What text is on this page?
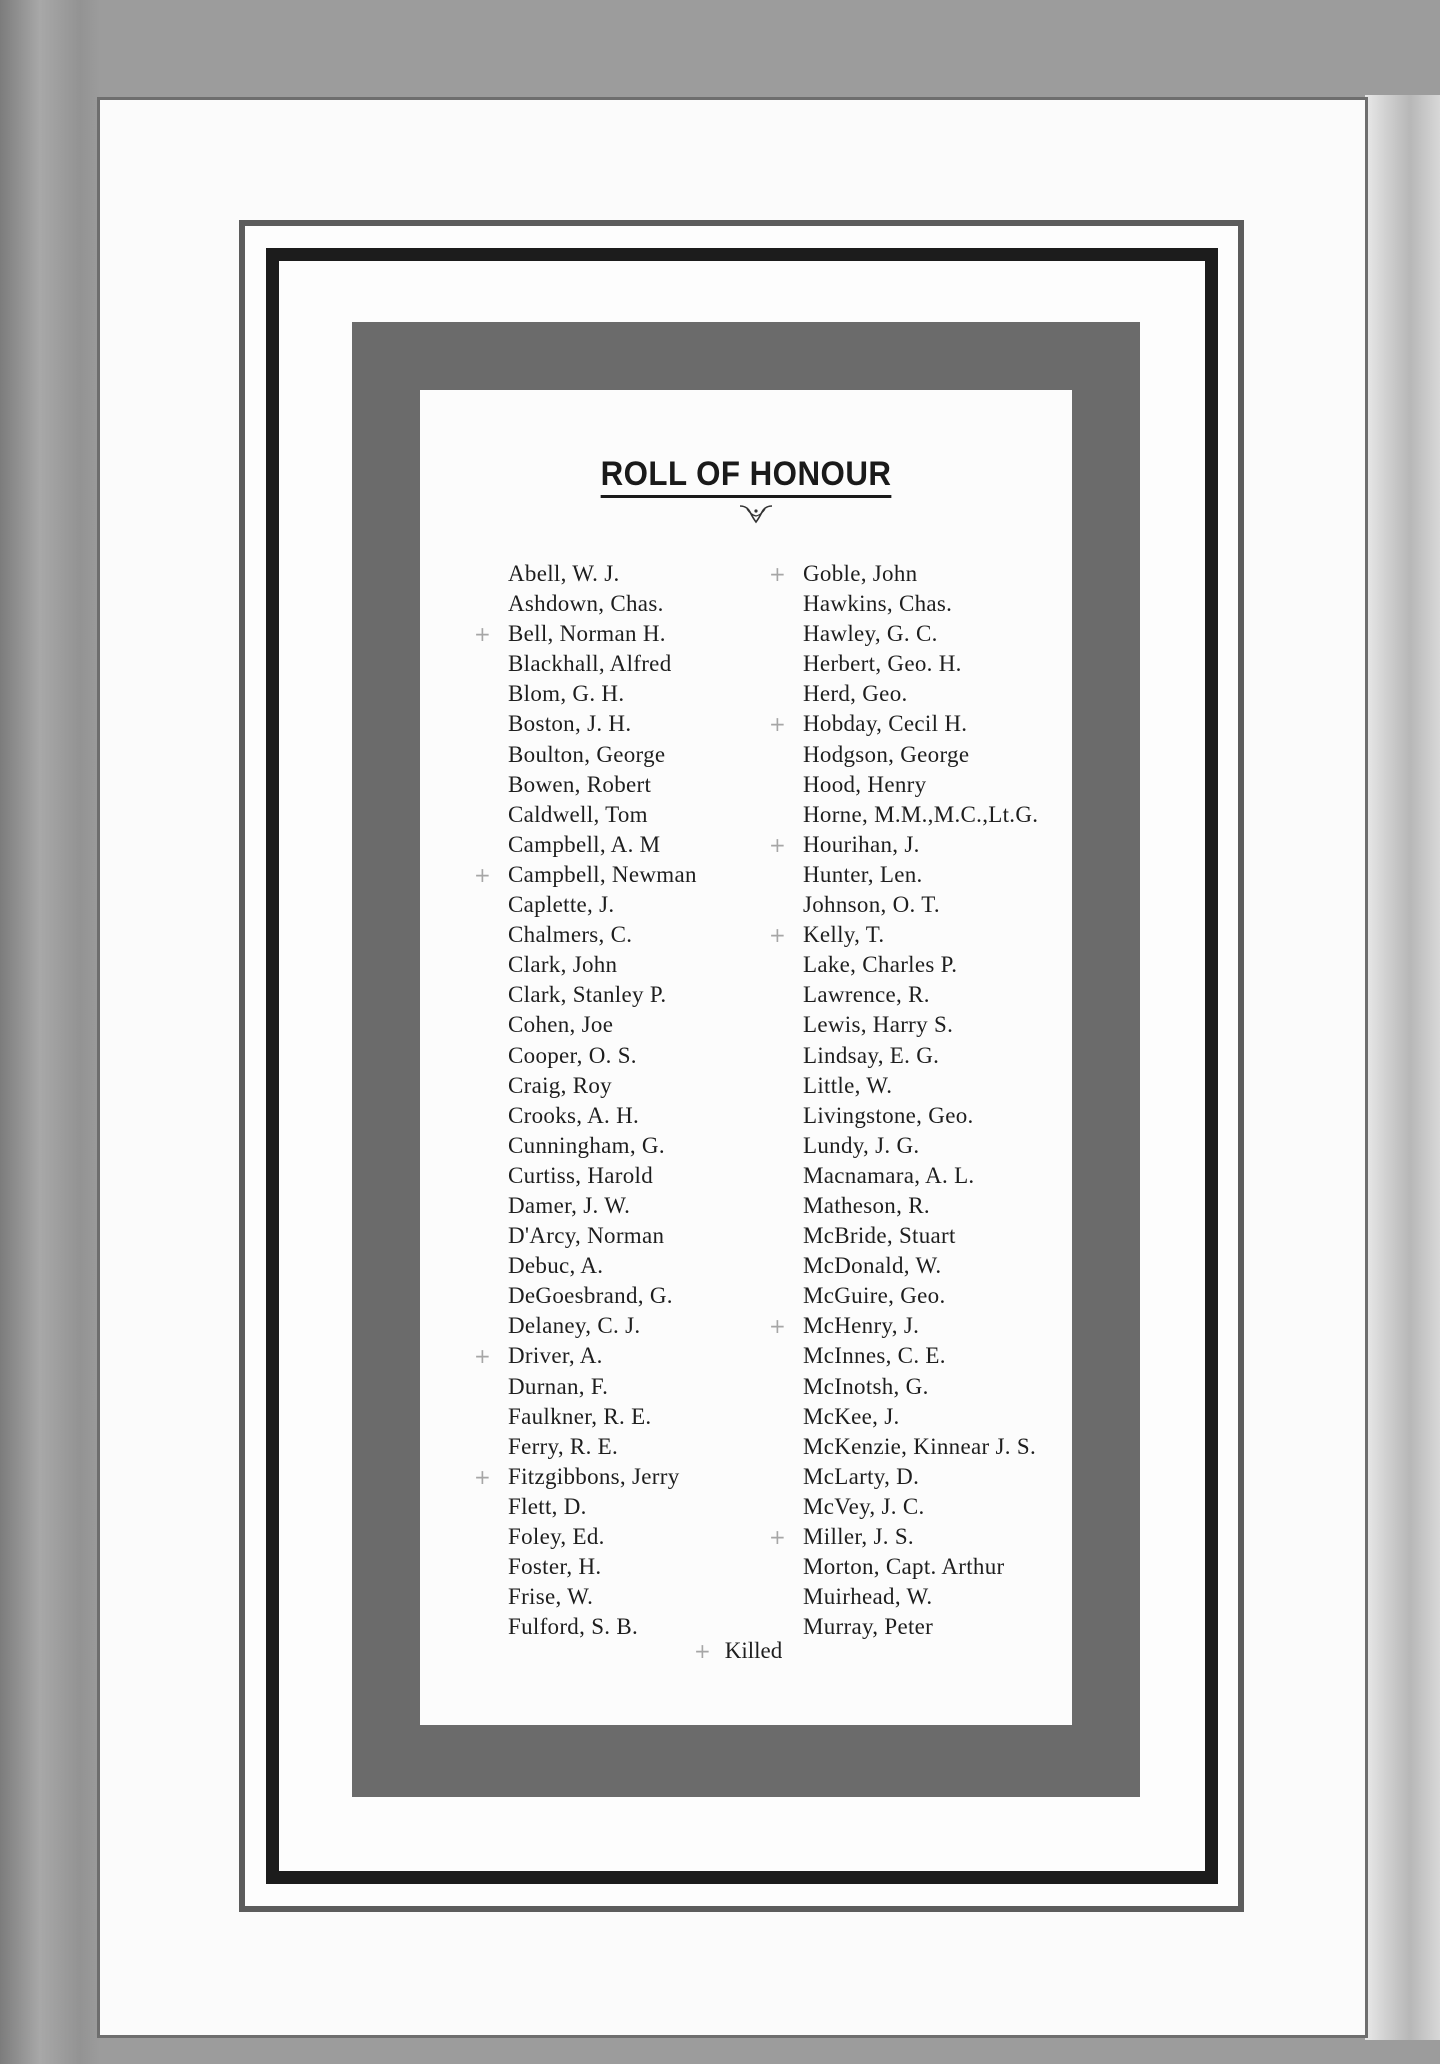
ROLL OF HONOUR
Abell, W. J.
Ashdown, Chas.
+ Bell, Norman H.
Blackhall, Alfred
Blom, G. H.
Boston, J. H.
Boulton, George
Bowen, Robert
Caldwell, Tom
Campbell, A. M
+ Campbell, Newman
Caplette, J.
Chalmers, C.
Clark, John
Clark, Stanley P.
Cohen, Joe
Cooper, O. S.
Craig, Roy
Crooks, A. H.
Cunningham, G.
Curtiss, Harold
Damer, J. W.
D'Arcy, Norman
Debuc, A.
DeGoesbrand, G.
Delaney, C. J.
+ Driver, A.
Durnan, F.
Faulkner, R. E.
Ferry, R. E.
+ Fitzgibbons, Jerry
Flett, D.
Foley, Ed.
Foster, H.
Frise, W.
Fulford, S. B.
+ Goble, John
Hawkins, Chas.
Hawley, G. C.
Herbert, Geo. H.
Herd, Geo.
+ Hobday, Cecil H.
Hodgson, George
Hood, Henry
Horne, M.M.,M.C.,Lt.G.
+ Hourihan, J.
Hunter, Len.
Johnson, O. T.
+ Kelly, T.
Lake, Charles P.
Lawrence, R.
Lewis, Harry S.
Lindsay, E. G.
Little, W.
Livingstone, Geo.
Lundy, J. G.
Macnamara, A. L.
Matheson, R.
McBride, Stuart
McDonald, W.
McGuire, Geo.
+ McHenry, J.
McInnes, C. E.
McInotsh, G.
McKee, J.
McKenzie, Kinnear J. S.
McLarty, D.
McVey, J. C.
+ Miller, J. S.
Morton, Capt. Arthur
Muirhead, W.
Murray, Peter
+ Killed
